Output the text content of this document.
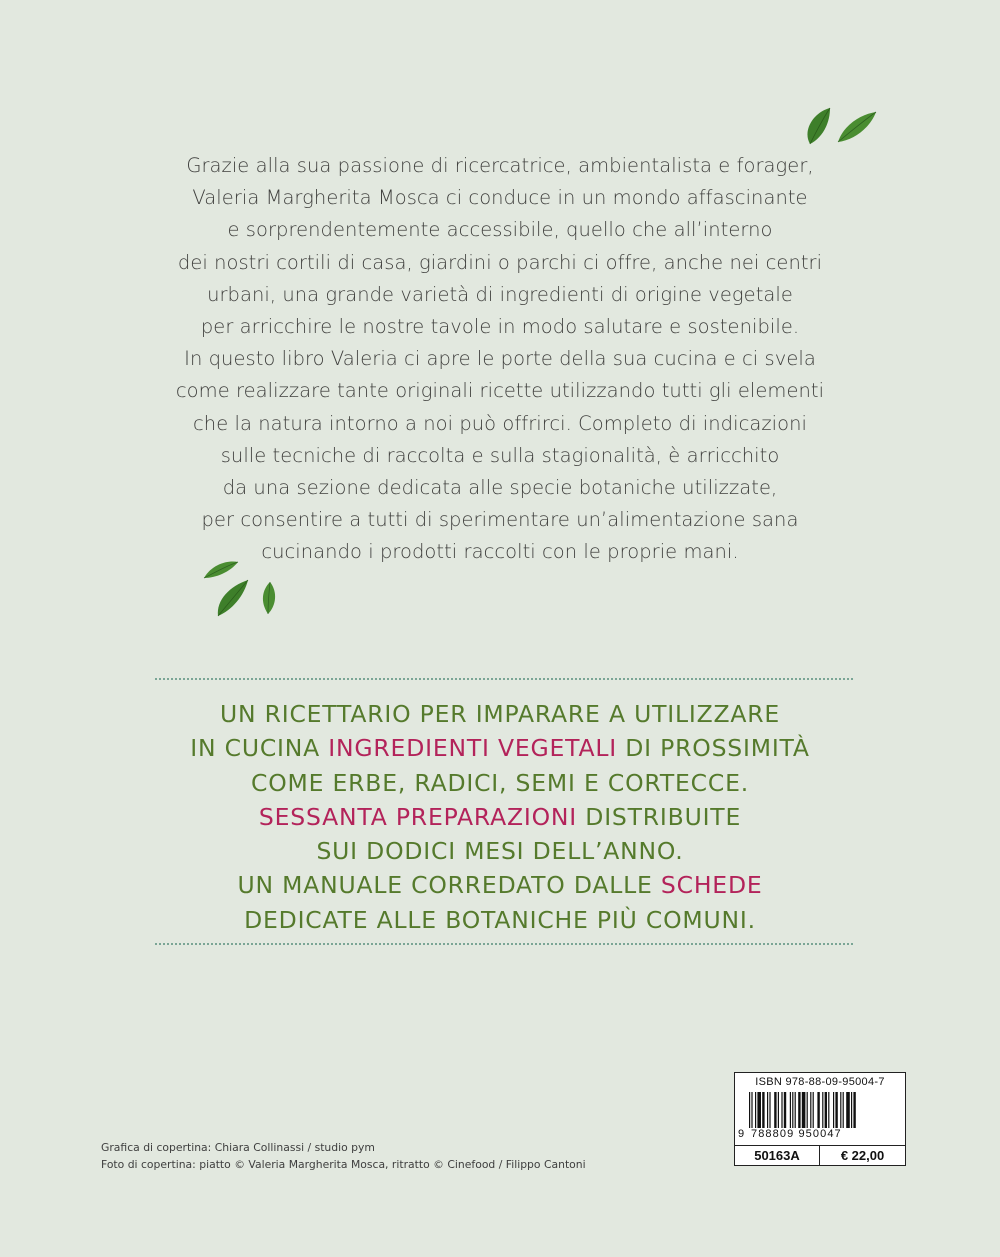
Grazie alla sua passione di ricercatrice, ambientalista e forager,
Valeria Margherita Mosca ci conduce in un mondo affascinante
e sorprendentemente accessibile, quello che all’interno
dei nostri cortili di casa, giardini o parchi ci offre, anche nei centri
urbani, una grande varietà di ingredienti di origine vegetale
per arricchire le nostre tavole in modo salutare e sostenibile.
In questo libro Valeria ci apre le porte della sua cucina e ci svela
come realizzare tante originali ricette utilizzando tutti gli elementi
che la natura intorno a noi può offrirci. Completo di indicazioni
sulle tecniche di raccolta e sulla stagionalità, è arricchito
da una sezione dedicata alle specie botaniche utilizzate,
per consentire a tutti di sperimentare un’alimentazione sana
cucinando i prodotti raccolti con le proprie mani.
UN RICETTARIO PER IMPARARE A UTILIZZARE
IN CUCINA INGREDIENTI VEGETALI DI PROSSIMITÀ
COME ERBE, RADICI, SEMI E CORTECCE.
SESSANTA PREPARAZIONI DISTRIBUITE
SUI DODICI MESI DELL’ANNO.
UN MANUALE CORREDATO DALLE SCHEDE
DEDICATE ALLE BOTANICHE PIÙ COMUNI.
Grafica di copertina: Chiara Collinassi / studio pym
Foto di copertina: piatto © Valeria Margherita Mosca, ritratto © Cinefood / Filippo Cantoni
ISBN 978-88-09-95004-7
9 788809 950047
50163A	€ 22,00
